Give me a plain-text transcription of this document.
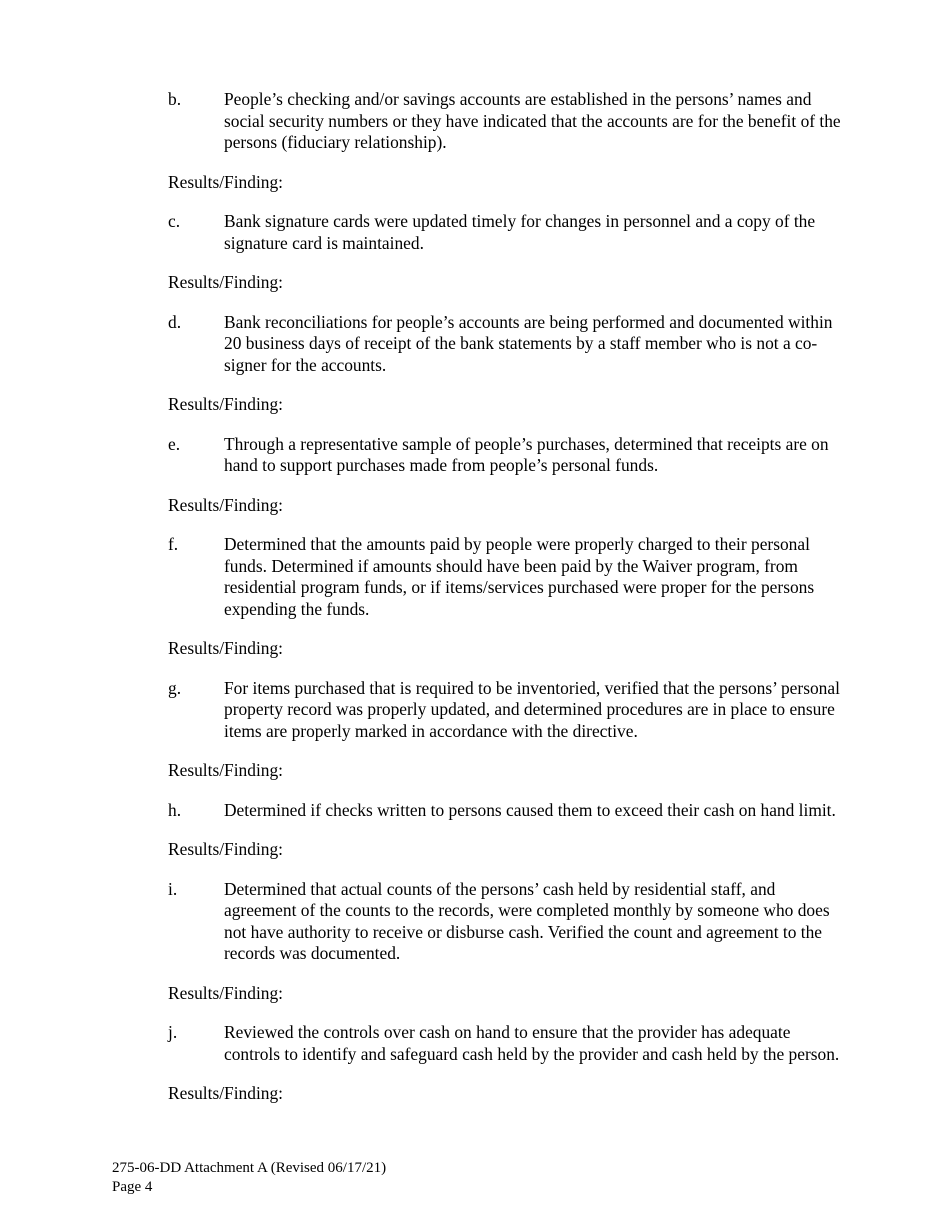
b.	People’s checking and/or savings accounts are established in the persons’ names and social security numbers or they have indicated that the accounts are for the benefit of the persons (fiduciary relationship).
Results/Finding:
c.	Bank signature cards were updated timely for changes in personnel and a copy of the signature card is maintained.
Results/Finding:
d.	Bank reconciliations for people’s accounts are being performed and documented within 20 business days of receipt of the bank statements by a staff member who is not a co-signer for the accounts.
Results/Finding:
e.	Through a representative sample of people’s purchases, determined that receipts are on hand to support purchases made from people’s personal funds.
Results/Finding:
f.	Determined that the amounts paid by people were properly charged to their personal funds. Determined if amounts should have been paid by the Waiver program, from residential program funds, or if items/services purchased were proper for the persons expending the funds.
Results/Finding:
g.	For items purchased that is required to be inventoried, verified that the persons’ personal property record was properly updated, and determined procedures are in place to ensure items are properly marked in accordance with the directive.
Results/Finding:
h.	Determined if checks written to persons caused them to exceed their cash on hand limit.
Results/Finding:
i.	Determined that actual counts of the persons’ cash held by residential staff, and agreement of the counts to the records, were completed monthly by someone who does not have authority to receive or disburse cash. Verified the count and agreement to the records was documented.
Results/Finding:
j.	Reviewed the controls over cash on hand to ensure that the provider has adequate controls to identify and safeguard cash held by the provider and cash held by the person.
Results/Finding:
275-06-DD Attachment A (Revised 06/17/21)
Page 4
